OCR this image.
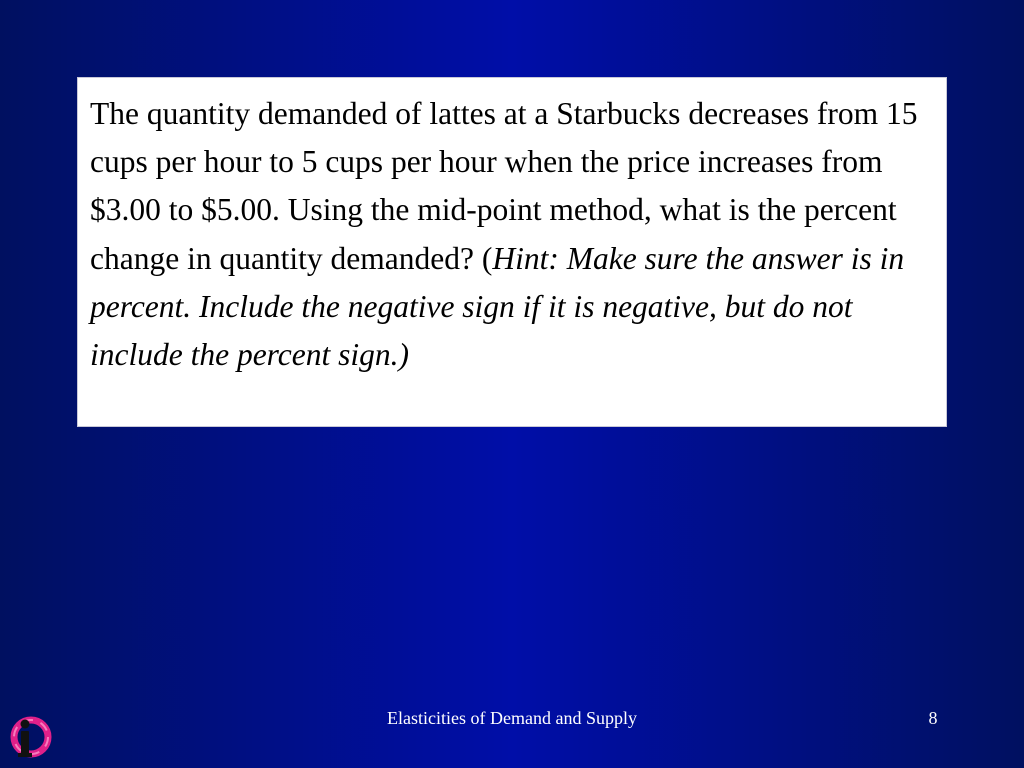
The quantity demanded of lattes at a Starbucks decreases from 15 cups per hour to 5 cups per hour when the price increases from $3.00 to $5.00. Using the mid-point method, what is the percent change in quantity demanded? (Hint: Make sure the answer is in percent. Include the negative sign if it is negative, but do not include the percent sign.)

i
Elasticities of Demand and Supply	8
